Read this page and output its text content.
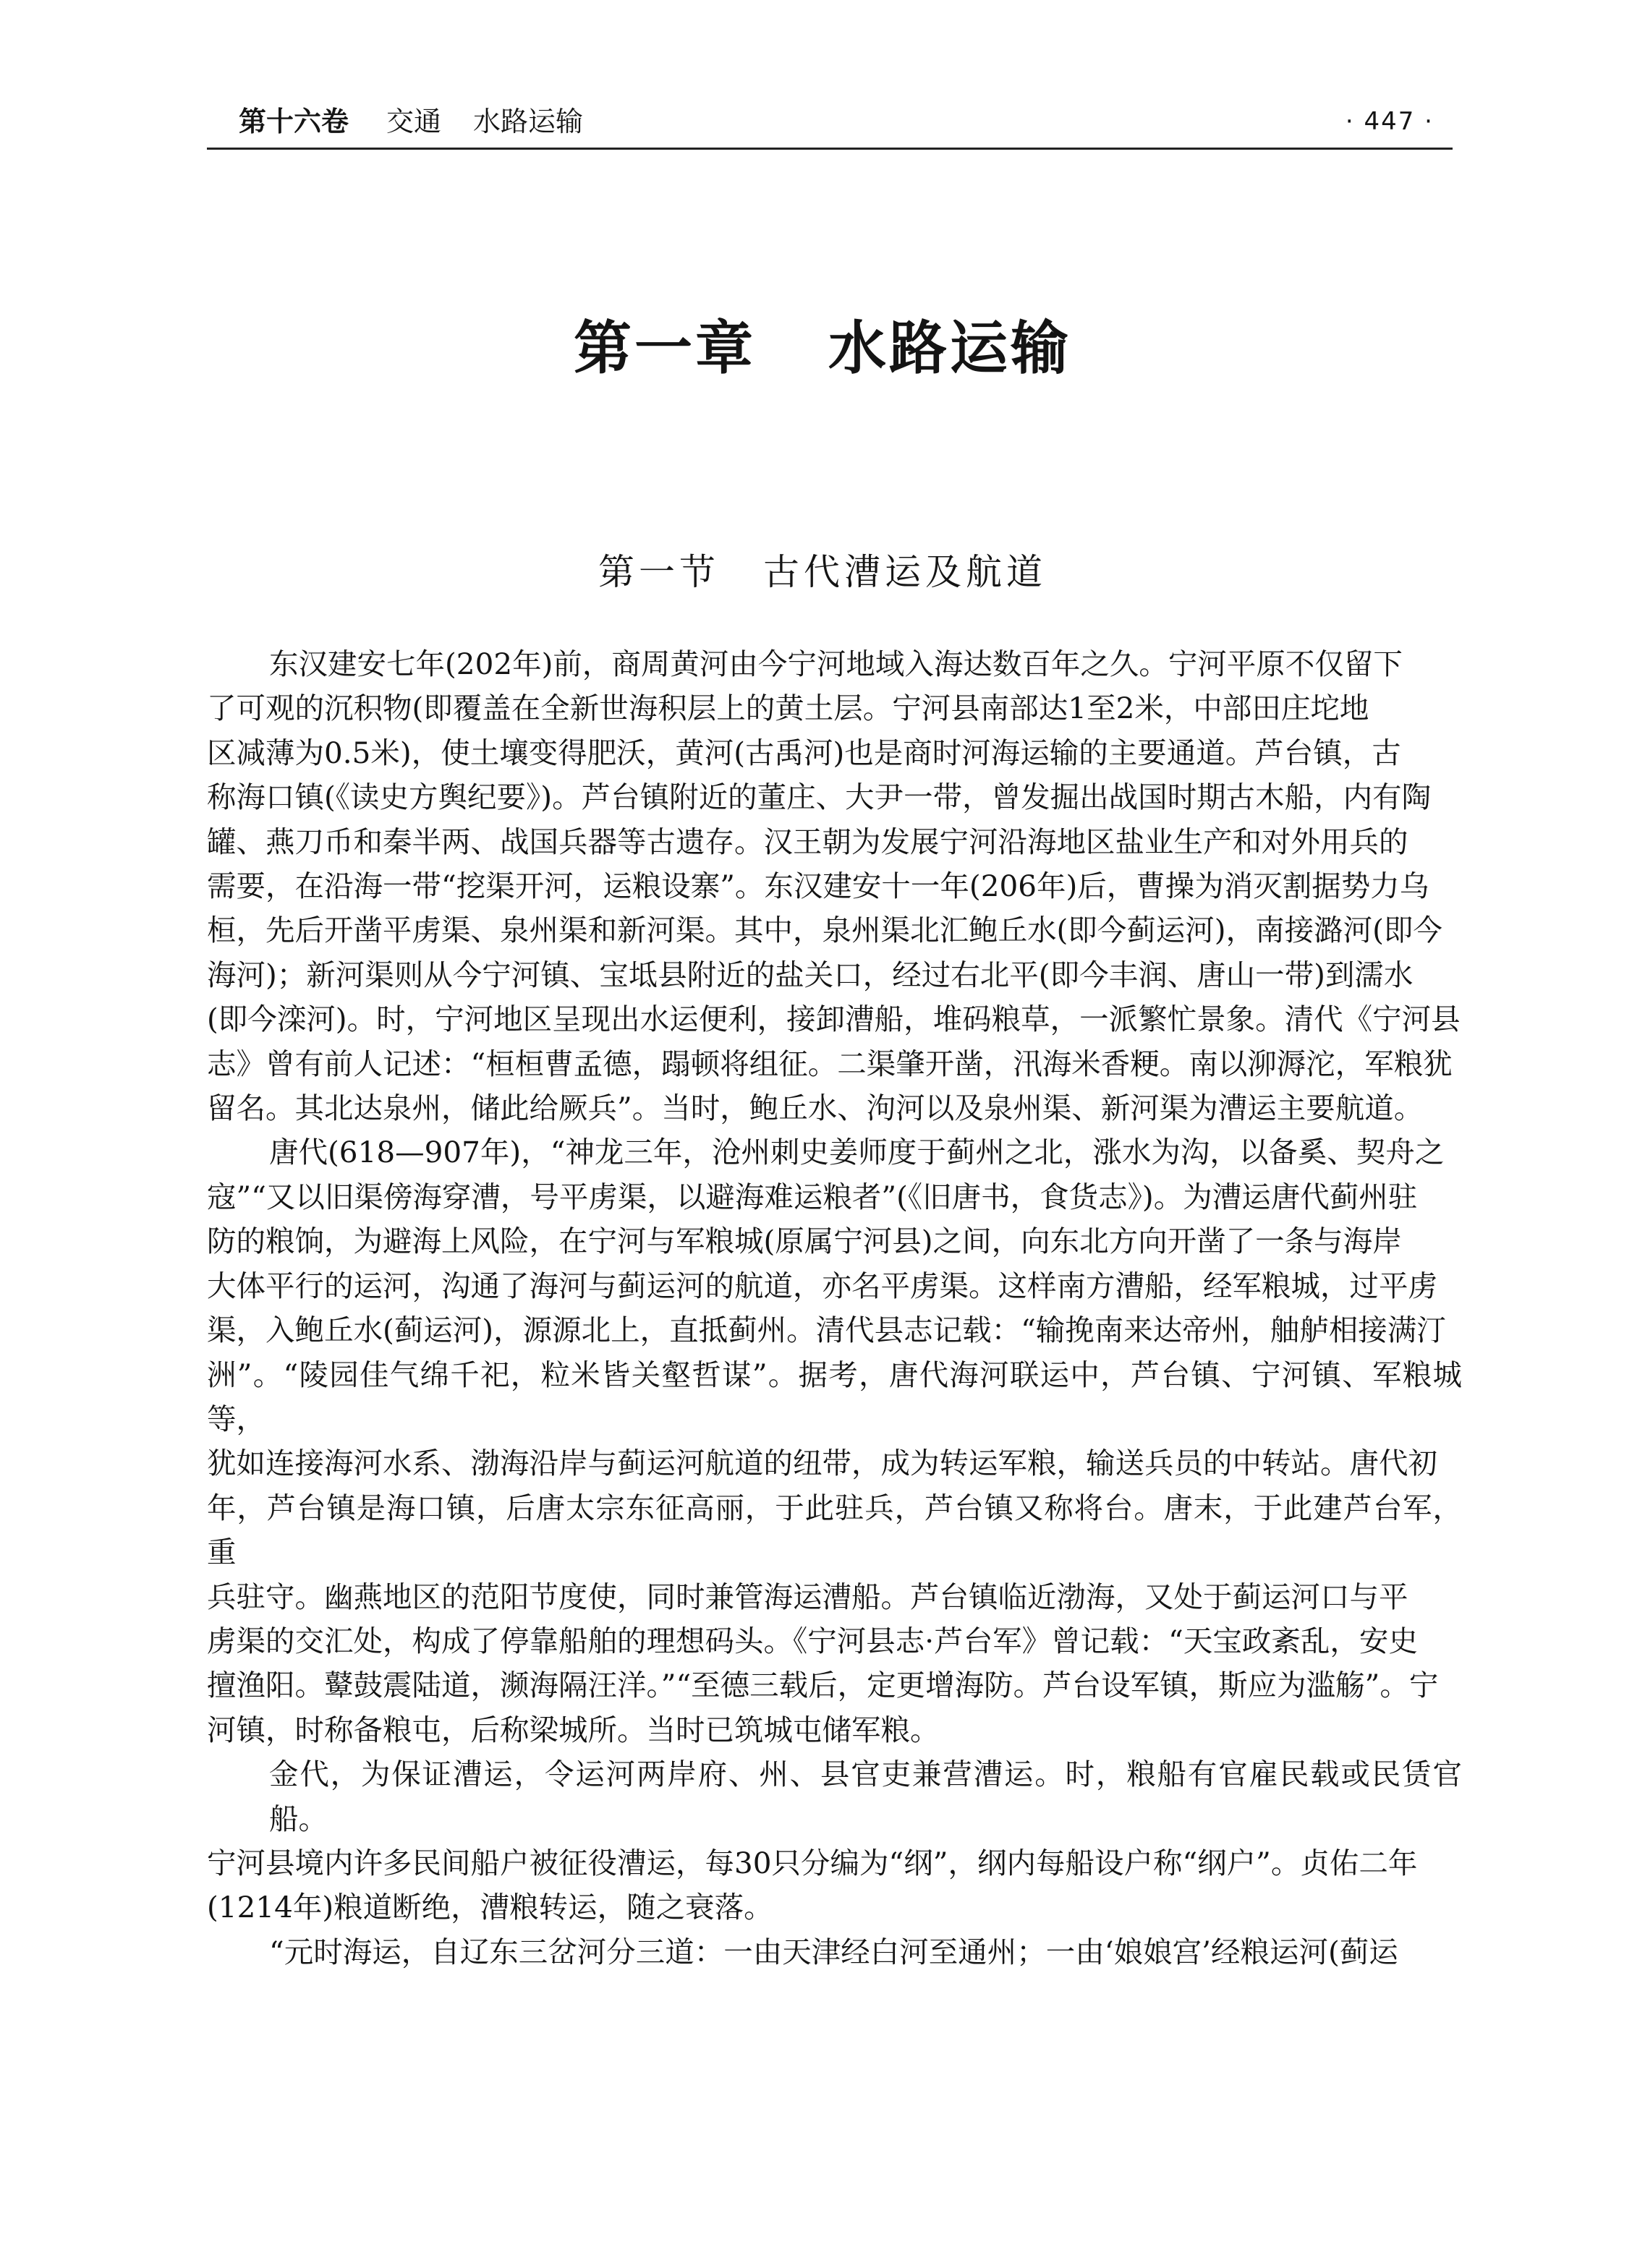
第十六卷 交通 水路运输	· 447 ·
第一章 水路运输
第一节 古代漕运及航道

东汉建安七年(202年)前，商周黄河由今宁河地域入海达数百年之久。宁河平原不仅留下
了可观的沉积物(即覆盖在全新世海积层上的黄土层。宁河县南部达1至2米，中部田庄坨地
区减薄为0.5米)，使土壤变得肥沃，黄河(古禹河)也是商时河海运输的主要通道。芦台镇，古
称海口镇(《读史方舆纪要》)。芦台镇附近的董庄、大尹一带，曾发掘出战国时期古木船，内有陶
罐、燕刀币和秦半两、战国兵器等古遗存。汉王朝为发展宁河沿海地区盐业生产和对外用兵的
需要，在沿海一带“挖渠开河，运粮设寨”。东汉建安十一年(206年)后，曹操为消灭割据势力乌
桓，先后开凿平虏渠、泉州渠和新河渠。其中，泉州渠北汇鲍丘水(即今蓟运河)，南接潞河(即今
海河)；新河渠则从今宁河镇、宝坻县附近的盐关口，经过右北平(即今丰润、唐山一带)到濡水
(即今滦河)。时，宁河地区呈现出水运便利，接卸漕船，堆码粮草，一派繁忙景象。清代《宁河县
志》曾有前人记述：“桓桓曹孟德，蹋顿将组征。二渠肇开凿，汛海米香粳。南以泖溽沱，军粮犹
留名。其北达泉州，储此给厥兵”。当时，鲍丘水、泃河以及泉州渠、新河渠为漕运主要航道。

唐代(618—907年)，“神龙三年，沧州刺史姜师度于蓟州之北，涨水为沟，以备奚、契舟之
寇”“又以旧渠傍海穿漕，号平虏渠，以避海难运粮者”(《旧唐书，食货志》)。为漕运唐代蓟州驻
防的粮饷，为避海上风险，在宁河与军粮城(原属宁河县)之间，向东北方向开凿了一条与海岸
大体平行的运河，沟通了海河与蓟运河的航道，亦名平虏渠。这样南方漕船，经军粮城，过平虏
渠，入鲍丘水(蓟运河)，源源北上，直抵蓟州。清代县志记载：“输挽南来达帝州，舳舻相接满汀
洲”。“陵园佳气绵千祀，粒米皆关壑哲谋”。据考，唐代海河联运中，芦台镇、宁河镇、军粮城等，
犹如连接海河水系、渤海沿岸与蓟运河航道的纽带，成为转运军粮，输送兵员的中转站。唐代初
年，芦台镇是海口镇，后唐太宗东征高丽，于此驻兵，芦台镇又称将台。唐末，于此建芦台军，重
兵驻守。幽燕地区的范阳节度使，同时兼管海运漕船。芦台镇临近渤海，又处于蓟运河口与平
虏渠的交汇处，构成了停靠船舶的理想码头。《宁河县志·芦台军》曾记载：“天宝政紊乱，安史
擅渔阳。鼙鼓震陆道，濒海隔汪洋。”“至德三载后，定更增海防。芦台设军镇，斯应为滥觞”。宁
河镇，时称备粮屯，后称梁城所。当时已筑城屯储军粮。

金代，为保证漕运，令运河两岸府、州、县官吏兼营漕运。时，粮船有官雇民载或民赁官船。
宁河县境内许多民间船户被征役漕运，每30只分编为“纲”，纲内每船设户称“纲户”。贞佑二年
(1214年)粮道断绝，漕粮转运，随之衰落。

“元时海运，自辽东三岔河分三道：一由天津经白河至通州；一由‘娘娘宫’经粮运河(蓟运
